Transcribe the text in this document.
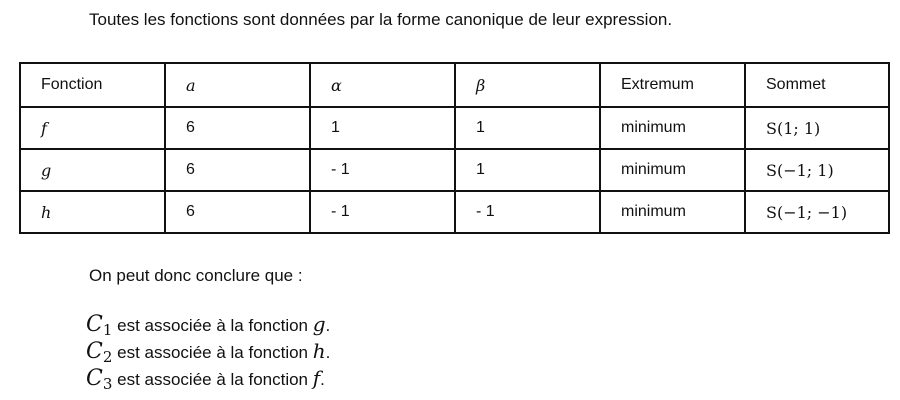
Toutes les fonctions sont données par la forme canonique de leur expression.
Fonction	a	α	β	Extremum	Sommet
f	6	1	1	minimum	S(1; 1)
g	6	- 1	1	minimum	S(−1; 1)
h	6	- 1	- 1	minimum	S(−1; −1)
On peut donc conclure que :
C1 est associée à la fonction g.
C2 est associée à la fonction h.
C3 est associée à la fonction f.
